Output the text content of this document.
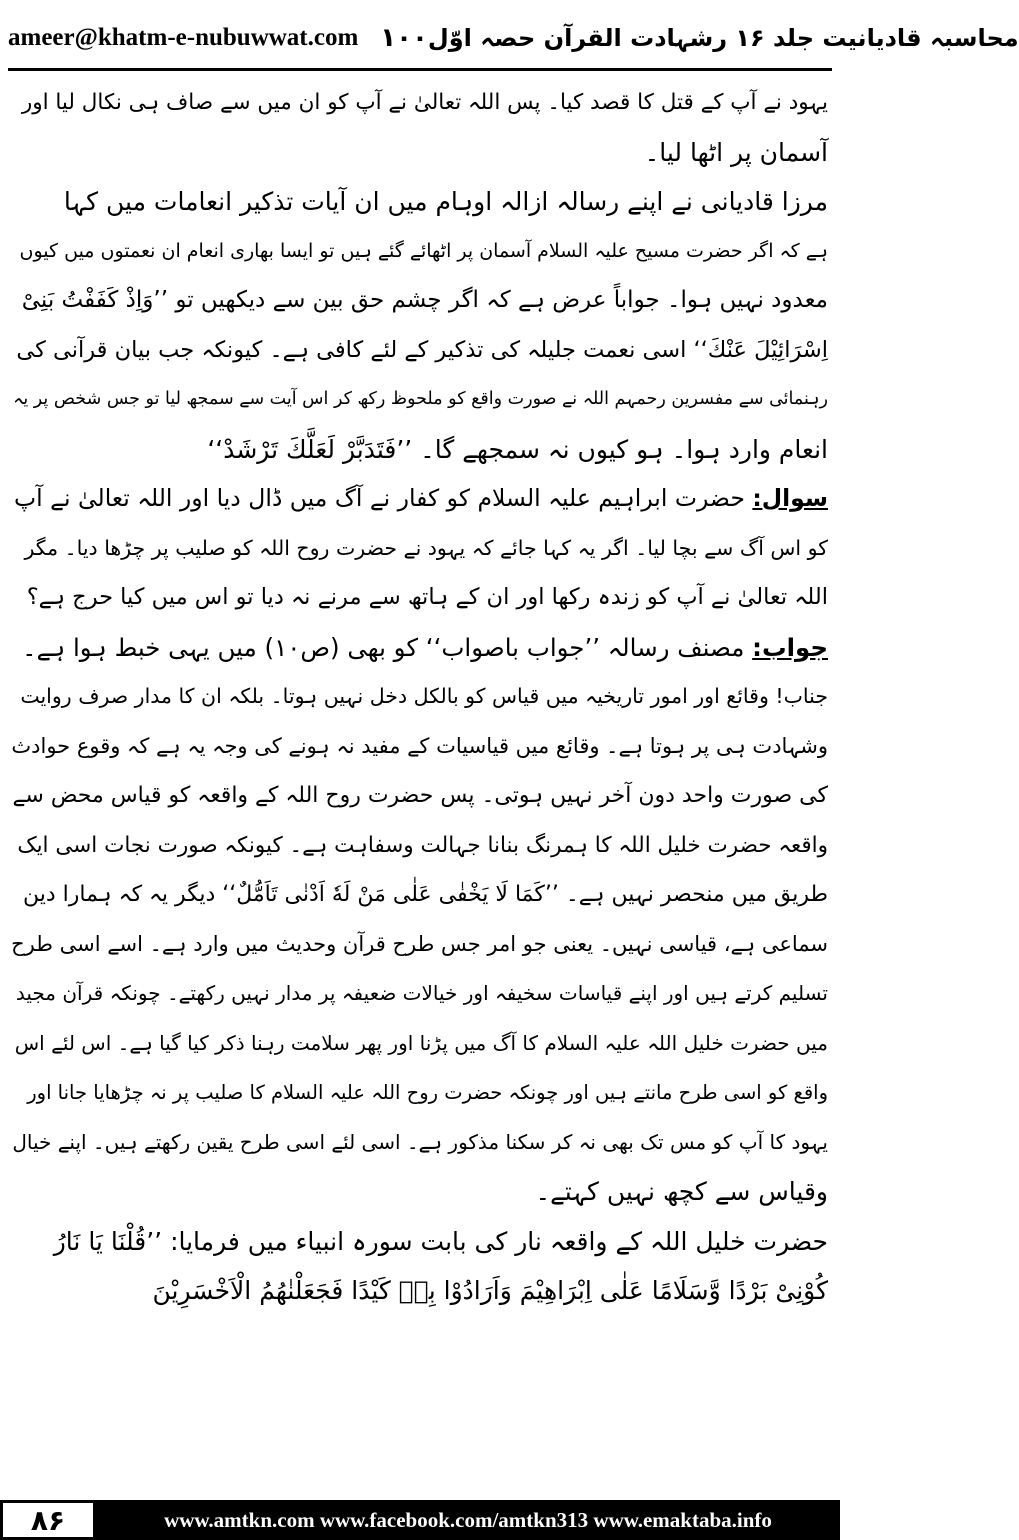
ameer@khatm-e-nubuwwat.com	محاسبہ قادیانیت جلد ۱۶ رشہادت القرآن حصہ اوّل
١٠٠
یہود نے آپ کے قتل کا قصد کیا۔ پس اللہ تعالیٰ نے آپ کو ان میں سے صاف ہی نکال لیا اور
آسمان پر اٹھا لیا۔
مرزا قادیانی نے اپنے رسالہ ازالہ اوہام میں ان آیات تذکیر انعامات میں کہا
ہے کہ اگر حضرت مسیح علیہ السلام آسمان پر اٹھائے گئے ہیں تو ایسا بھاری انعام ان نعمتوں میں کیوں
معدود نہیں ہوا۔ جواباً عرض ہے کہ اگر چشم حق بین سے دیکھیں تو ’’وَاِذْ كَفَفْتُ بَنِیْ
اِسْرَائِیْلَ عَنْكَ‘‘ اسی نعمت جلیلہ کی تذکیر کے لئے کافی ہے۔ کیونکہ جب بیان قرآنی کی
رہنمائی سے مفسرین رحمہم اللہ نے صورت واقع کو ملحوظ رکھ کر اس آیت سے سمجھ لیا تو جس شخص پر یہ
انعام وارد ہوا۔ ہو کیوں نہ سمجھے گا۔ ’’فَتَدَبَّرْ لَعَلَّكَ تَرْشَدْ‘‘
سوال: حضرت ابراہیم علیہ السلام کو کفار نے آگ میں ڈال دیا اور اللہ تعالیٰ نے آپ
کو اس آگ سے بچا لیا۔ اگر یہ کہا جائے کہ یہود نے حضرت روح اللہ کو صلیب پر چڑھا دیا۔ مگر
اللہ تعالیٰ نے آپ کو زندہ رکھا اور ان کے ہاتھ سے مرنے نہ دیا تو اس میں کیا حرج ہے؟
جواب: مصنف رسالہ ’’جواب باصواب‘‘ کو بھی (ص۱۰) میں یہی خبط ہوا ہے۔
جناب! وقائع اور امور تاریخیہ میں قیاس کو بالکل دخل نہیں ہوتا۔ بلکہ ان کا مدار صرف روایت
وشہادت ہی پر ہوتا ہے۔ وقائع میں قیاسیات کے مفید نہ ہونے کی وجہ یہ ہے کہ وقوع حوادث
کی صورت واحد دون آخر نہیں ہوتی۔ پس حضرت روح اللہ کے واقعہ کو قیاس محض سے
واقعہ حضرت خلیل اللہ کا ہمرنگ بنانا جہالت وسفاہت ہے۔ کیونکہ صورت نجات اسی ایک
طریق میں منحصر نہیں ہے۔ ’’كَمَا لَا يَخْفٰى عَلٰى مَنْ لَهٗ اَدْنٰى تَاَمُّلٌ‘‘ دیگر یہ کہ ہمارا دین
سماعی ہے، قیاسی نہیں۔ یعنی جو امر جس طرح قرآن وحدیث میں وارد ہے۔ اسے اسی طرح
تسلیم کرتے ہیں اور اپنے قیاسات سخیفہ اور خیالات ضعیفہ پر مدار نہیں رکھتے۔ چونکہ قرآن مجید
میں حضرت خلیل اللہ علیہ السلام کا آگ میں پڑنا اور پھر سلامت رہنا ذکر کیا گیا ہے۔ اس لئے اس
واقع کو اسی طرح مانتے ہیں اور چونکہ حضرت روح اللہ علیہ السلام کا صلیب پر نہ چڑھایا جانا اور
یہود کا آپ کو مس تک بھی نہ کر سکنا مذکور ہے۔ اسی لئے اسی طرح یقین رکھتے ہیں۔ اپنے خیال
وقیاس سے کچھ نہیں کہتے۔
حضرت خلیل اللہ کے واقعہ نار کی بابت سورہ انبیاء میں فرمایا: ’’قُلْنَا يَا نَارُ
كُوْنِیْ بَرْدًا وَّسَلَامًا عَلٰى اِبْرَاهِيْمَ وَاَرَادُوْا بِهٖ كَيْدًا فَجَعَلْنٰهُمُ الْاَخْسَرِيْنَ
۸۶	www.amtkn.com www.facebook.com/amtkn313 www.emaktaba.info
